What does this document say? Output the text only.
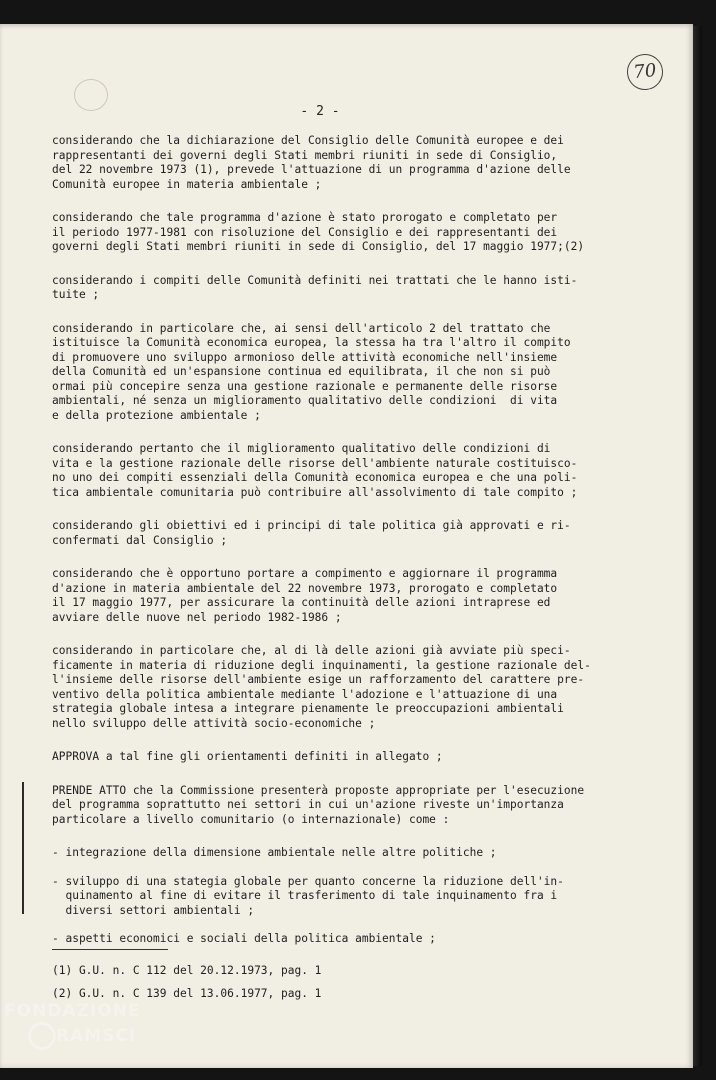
70
- 2 -

considerando che la dichiarazione del Consiglio delle Comunità europee e dei
rappresentanti dei governi degli Stati membri riuniti in sede di Consiglio,
del 22 novembre 1973 (1), prevede l'attuazione di un programma d'azione delle
Comunità europee in materia ambientale ;

considerando che tale programma d'azione è stato prorogato e completato per
il periodo 1977-1981 con risoluzione del Consiglio e dei rappresentanti dei
governi degli Stati membri riuniti in sede di Consiglio, del 17 maggio 1977;(2)

considerando i compiti delle Comunità definiti nei trattati che le hanno isti-
tuite ;

considerando in particolare che, ai sensi dell'articolo 2 del trattato che
istituisce la Comunità economica europea, la stessa ha tra l'altro il compito
di promuovere uno sviluppo armonioso delle attività economiche nell'insieme
della Comunità ed un'espansione continua ed equilibrata, il che non si può
ormai più concepire senza una gestione razionale e permanente delle risorse
ambientali, né senza un miglioramento qualitativo delle condizioni  di vita
e della protezione ambientale ;

considerando pertanto che il miglioramento qualitativo delle condizioni di
vita e la gestione razionale delle risorse dell'ambiente naturale costituisco-
no uno dei compiti essenziali della Comunità economica europea e che una poli-
tica ambientale comunitaria può contribuire all'assolvimento di tale compito ;

considerando gli obiettivi ed i principi di tale politica già approvati e ri-
confermati dal Consiglio ;

considerando che è opportuno portare a compimento e aggiornare il programma
d'azione in materia ambientale del 22 novembre 1973, prorogato e completato
il 17 maggio 1977, per assicurare la continuità delle azioni intraprese ed
avviare delle nuove nel periodo 1982-1986 ;

considerando in particolare che, al di là delle azioni già avviate più speci-
ficamente in materia di riduzione degli inquinamenti, la gestione razionale del-
l'insieme delle risorse dell'ambiente esige un rafforzamento del carattere pre-
ventivo della politica ambientale mediante l'adozione e l'attuazione di una
strategia globale intesa a integrare pienamente le preoccupazioni ambientali
nello sviluppo delle attività socio-economiche ;

APPROVA a tal fine gli orientamenti definiti in allegato ;

PRENDE ATTO che la Commissione presenterà proposte appropriate per l'esecuzione
del programma soprattutto nei settori in cui un'azione riveste un'importanza
particolare a livello comunitario (o internazionale) come :

- integrazione della dimensione ambientale nelle altre politiche ;

- sviluppo di una stategia globale per quanto concerne la riduzione dell'in-
quinamento al fine di evitare il trasferimento di tale inquinamento fra i
diversi settori ambientali ;

- aspetti economici e sociali della politica ambientale ;

(1) G.U. n. C 112 del 20.12.1973, pag. 1
(2) G.U. n. C 139 del 13.06.1977, pag. 1
FONDAZIONE
RAMSCI
